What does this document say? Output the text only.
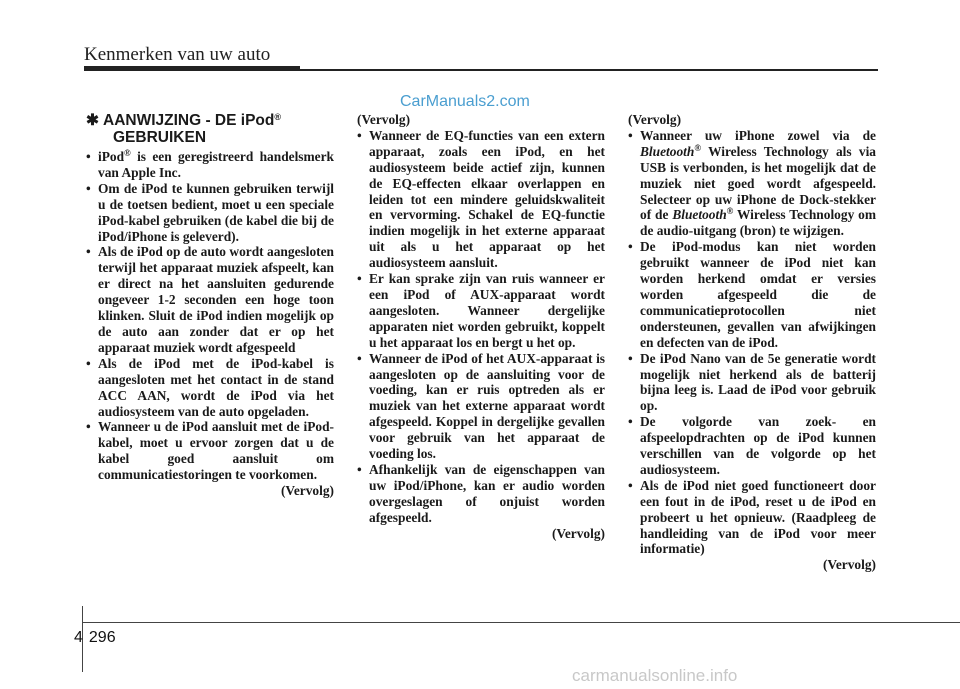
Kenmerken van uw auto
CarManuals2.com
✱ AANWIJZING - DE iPod®
GEBRUIKEN
• iPod® is een geregistreerd handelsmerk van Apple Inc.
• Om de iPod te kunnen gebruiken terwijl u de toetsen bedient, moet u een speciale iPod-kabel gebruiken (de kabel die bij de iPod/iPhone is geleverd).
• Als de iPod op de auto wordt aangesloten terwijl het apparaat muziek afspeelt, kan er direct na het aansluiten gedurende ongeveer 1-2 seconden een hoge toon klinken. Sluit de iPod indien mogelijk op de auto aan zonder dat er op het apparaat muziek wordt afgespeeld
• Als de iPod met de iPod-kabel is aangesloten met het contact in de stand ACC AAN, wordt de iPod via het audiosysteem van de auto opgeladen.
• Wanneer u de iPod aansluit met de iPod-kabel, moet u ervoor zorgen dat u de kabel goed aansluit om communicatiestoringen te voorkomen.
(Vervolg)
(Vervolg)
• Wanneer de EQ-functies van een extern apparaat, zoals een iPod, en het audiosysteem beide actief zijn, kunnen de EQ-effecten elkaar overlappen en leiden tot een mindere geluidskwaliteit en vervorming. Schakel de EQ-functie indien mogelijk in het externe apparaat uit als u het apparaat op het audiosysteem aansluit.
• Er kan sprake zijn van ruis wanneer er een iPod of AUX-apparaat wordt aangesloten. Wanneer dergelijke apparaten niet worden gebruikt, koppelt u het apparaat los en bergt u het op.
• Wanneer de iPod of het AUX-apparaat is aangesloten op de aansluiting voor de voeding, kan er ruis optreden als er muziek van het externe apparaat wordt afgespeeld. Koppel in dergelijke gevallen voor gebruik van het apparaat de voeding los.
• Afhankelijk van de eigenschappen van uw iPod/iPhone, kan er audio worden overgeslagen of onjuist worden afgespeeld.
(Vervolg)
(Vervolg)
• Wanneer uw iPhone zowel via de Bluetooth® Wireless Technology als via USB is verbonden, is het mogelijk dat de muziek niet goed wordt afgespeeld. Selecteer op uw iPhone de Dock-stekker of de Bluetooth® Wireless Technology om de audio-uitgang (bron) te wijzigen.
• De iPod-modus kan niet worden gebruikt wanneer de iPod niet kan worden herkend omdat er versies worden afgespeeld die de communicatieprotocollen niet ondersteunen, gevallen van afwijkingen en defecten van de iPod.
• De iPod Nano van de 5e generatie wordt mogelijk niet herkend als de batterij bijna leeg is. Laad de iPod voor gebruik op.
• De volgorde van zoek- en afspeelopdrachten op de iPod kunnen verschillen van de volgorde op het audiosysteem.
• Als de iPod niet goed functioneert door een fout in de iPod, reset u de iPod en probeert u het opnieuw. (Raadpleeg de handleiding van de iPod voor meer informatie)
(Vervolg)
4 296
carmanualsonline.info
